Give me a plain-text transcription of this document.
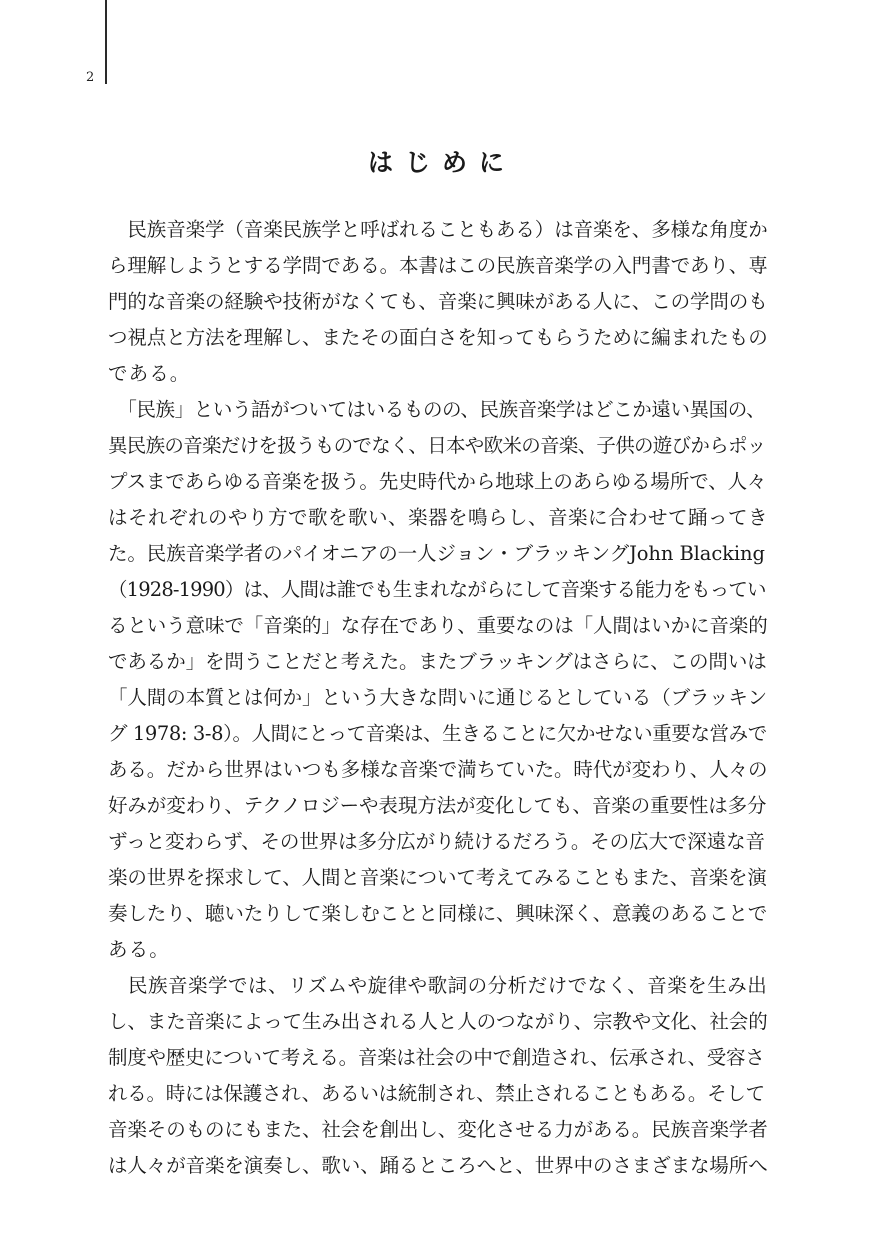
2
はじめに
　民族音楽学（音楽民族学と呼ばれることもある）は音楽を、多様な角度か
ら理解しようとする学問である。本書はこの民族音楽学の入門書であり、専
門的な音楽の経験や技術がなくても、音楽に興味がある人に、この学問のも
つ視点と方法を理解し、またその面白さを知ってもらうために編まれたもの
である。
　「民族」という語がついてはいるものの、民族音楽学はどこか遠い異国の、
異民族の音楽だけを扱うものでなく、日本や欧米の音楽、子供の遊びからポッ
プスまであらゆる音楽を扱う。先史時代から地球上のあらゆる場所で、人々
はそれぞれのやり方で歌を歌い、楽器を鳴らし、音楽に合わせて踊ってき
た。民族音楽学者のパイオニアの一人ジョン・ブラッキングJohn Blacking
（1928-1990）は、人間は誰でも生まれながらにして音楽する能力をもってい
るという意味で「音楽的」な存在であり、重要なのは「人間はいかに音楽的
であるか」を問うことだと考えた。またブラッキングはさらに、この問いは
「人間の本質とは何か」という大きな問いに通じるとしている（ブラッキン
グ 1978: 3-8）。人間にとって音楽は、生きることに欠かせない重要な営みで
ある。だから世界はいつも多様な音楽で満ちていた。時代が変わり、人々の
好みが変わり、テクノロジーや表現方法が変化しても、音楽の重要性は多分
ずっと変わらず、その世界は多分広がり続けるだろう。その広大で深遠な音
楽の世界を探求して、人間と音楽について考えてみることもまた、音楽を演
奏したり、聴いたりして楽しむことと同様に、興味深く、意義のあることで
ある。
　民族音楽学では、リズムや旋律や歌詞の分析だけでなく、音楽を生み出
し、また音楽によって生み出される人と人のつながり、宗教や文化、社会的
制度や歴史について考える。音楽は社会の中で創造され、伝承され、受容さ
れる。時には保護され、あるいは統制され、禁止されることもある。そして
音楽そのものにもまた、社会を創出し、変化させる力がある。民族音楽学者
は人々が音楽を演奏し、歌い、踊るところへと、世界中のさまざまな場所へ
